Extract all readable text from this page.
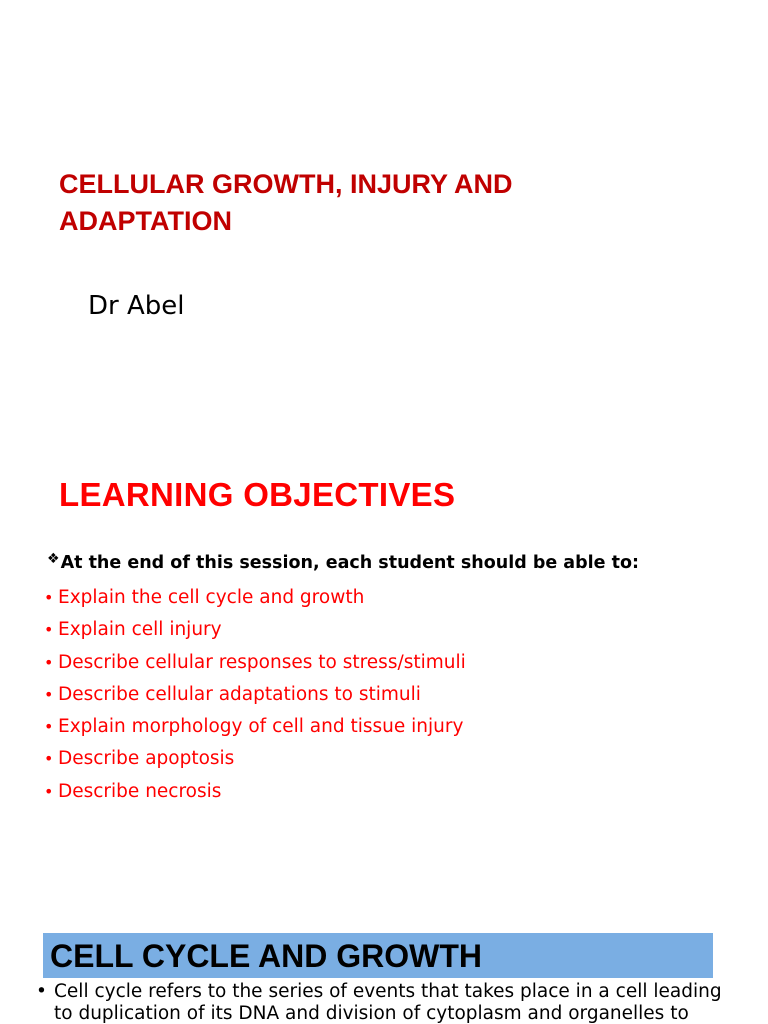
CELLULAR GROWTH, INJURY AND
ADAPTATION
Dr Abel
LEARNING OBJECTIVES
❖At the end of this session, each student should be able to:
• Explain the cell cycle and growth
• Explain cell injury
• Describe cellular responses to stress/stimuli
• Describe cellular adaptations to stimuli
• Explain morphology of cell and tissue injury
• Describe apoptosis
• Describe necrosis
CELL CYCLE AND GROWTH
• Cell cycle refers to the series of events that takes place in a cell leading to duplication of its DNA and division of cytoplasm and organelles to
